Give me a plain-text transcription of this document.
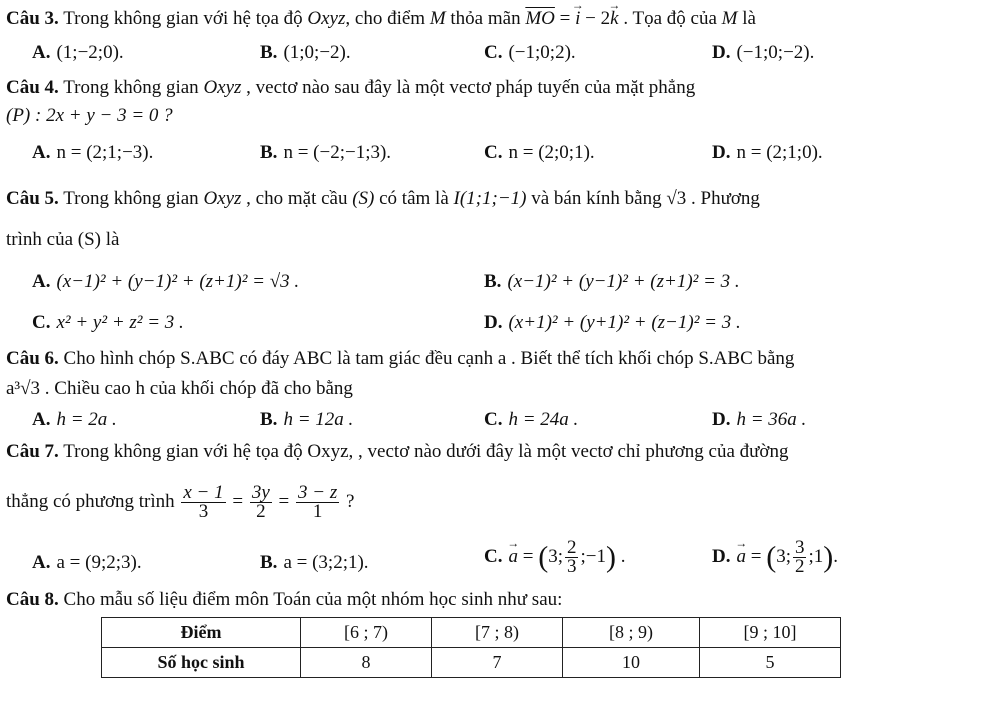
Câu 3. Trong không gian với hệ tọa độ Oxyz, cho điểm M thỏa mãn $\overline{MO}$ = → i − 2→ k . Tọa độ của M là
A. (1;−2;0).	B. (1;0;−2).	C. (−1;0;2).	D. (−1;0;−2).
Câu 4. Trong không gian Oxyz , vectơ nào sau đây là một vectơ pháp tuyến của mặt phẳng
(P) : 2x + y − 3 = 0 ?
A. n = (2;1;−3).	B. n = (−2;−1;3).	C. n = (2;0;1).	D. n = (2;1;0).
Câu 5. Trong không gian Oxyz , cho mặt cầu (S) có tâm là I(1;1;−1) và bán kính bằng √3 . Phương
trình của (S) là
A. (x−1)² + (y−1)² + (z+1)² = √3 .	B. (x−1)² + (y−1)² + (z+1)² = 3 .
C. x² + y² + z² = 3 .	D. (x+1)² + (y+1)² + (z−1)² = 3 .
Câu 6. Cho hình chóp S.ABC có đáy ABC là tam giác đều cạnh a . Biết thể tích khối chóp S.ABC bằng
a³√3 . Chiều cao h của khối chóp đã cho bằng
A. h = 2a .	B. h = 12a .	C. h = 24a .	D. h = 36a .
Câu 7. Trong không gian với hệ tọa độ Oxyz, , vectơ nào dưới đây là một vectơ chỉ phương của đường
thẳng có phương trình $\frac{x - 1}{3} = \frac{3y}{2} = \frac{3 - z}{1}$ ?
A. a = (9;2;3).	B. a = (3;2;1).	C. → a = (3; $\frac{2}{3}$ ;−1) .	D. → a = (3; $\frac{3}{2}$ ;1).
Câu 8. Cho mẫu số liệu điểm môn Toán của một nhóm học sinh như sau:
Điểm	[6 ; 7)	[7 ; 8)	[8 ; 9)	[9 ; 10]
Số học sinh	8	7	10	5
